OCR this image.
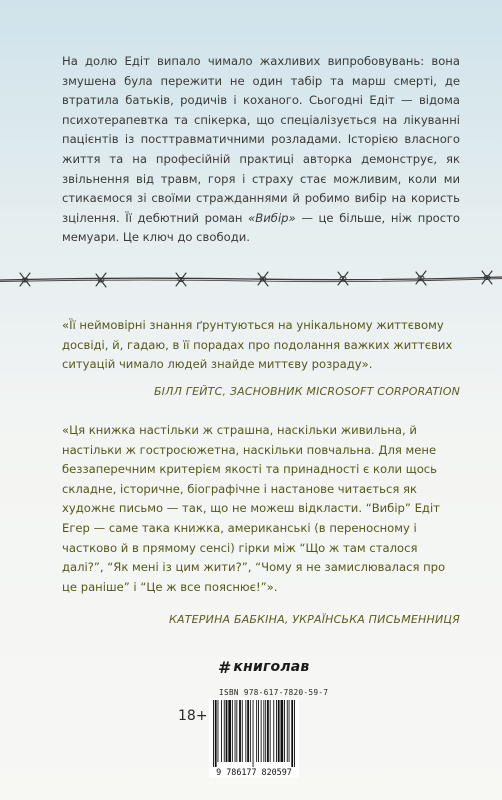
На долю Едіт випало чимало жахливих випробовувань: вона змушена була пережити не один табір та марш смерті, де втратила батьків, родичів і коханого. Сьогодні Едіт — відома психотерапевтка та спікерка, що спеціалізується на лікуванні пацієнтів із посттравматичними розладами. Історією власного життя та на професійній практиці авторка демонструє, як звільнення від травм, горя і страху стає можливим, коли ми стикаємося зі своїми стражданнями й робимо вибір на користь зцілення. Її дебютний роман «Вибір» — це більше, ніж просто мемуари. Це ключ до свободи.

«Її неймовірні знання ґрунтуються на унікальному життєвому досвіді, й, гадаю, в її порадах про подолання важких життєвих ситуацій чимало людей знайде миттєву розраду».

БІЛЛ ГЕЙТС, ЗАСНОВНИК MICROSOFT CORPORATION

«Ця книжка настільки ж страшна, наскільки живильна, й настільки ж гостросюжетна, наскільки повчальна. Для мене беззаперечним критерієм якості та принадності є коли щось складне, історичне, біографічне і настанове читається як художнє письмо — так, що не можеш відкласти. “Вибір” Едіт Егер — саме така книжка, американські (в переносному і частково й в прямому сенсі) гірки між “Що ж там сталося далі?”, “Як мені із цим жити?”, “Чому я не замислювалася про це раніше” і “Це ж все пояснює!”».

КАТЕРИНА БАБКІНА, УКРАЇНСЬКА ПИСЬМЕННИЦЯ

# книголав

ISBN 978-617-7820-59-7

18+
9 786177 820597
